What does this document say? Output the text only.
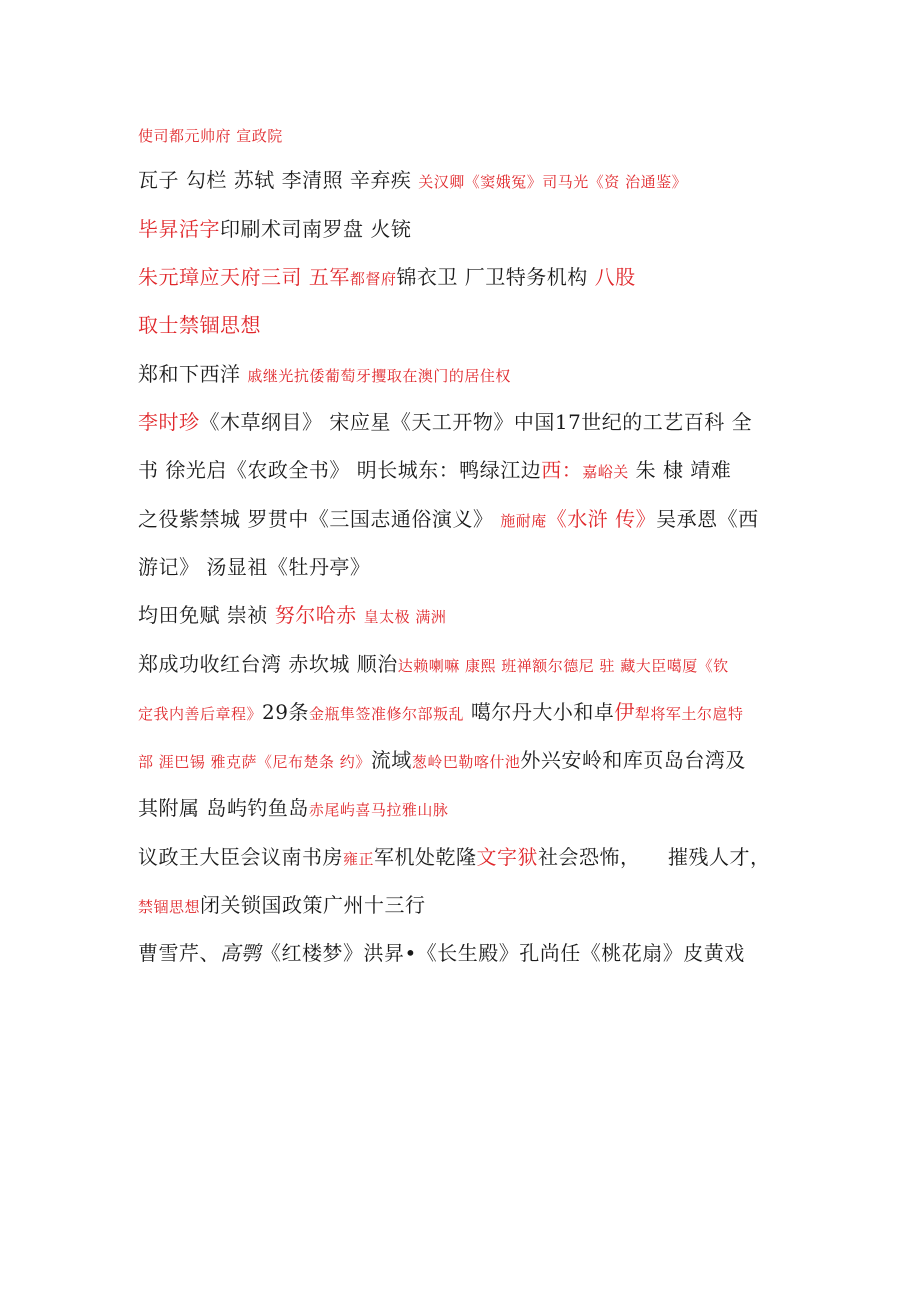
使司都元帅府 宣政院
瓦子 勾栏 苏轼 李清照 辛弃疾 关汉卿《窦娥冤》司马光《资 治通鉴》
毕昇活字印刷术司南罗盘 火铳
朱元璋应天府三司 五军都督府锦衣卫 厂卫特务机构 八股
取士禁锢思想
郑和下西洋 戚继光抗倭葡萄牙攫取在澳门的居住权
李时珍《木草纲目》 宋应星《天工开物》中国17世纪的工艺百科 全
书 徐光启《农政全书》 明长城东：鸭绿江边西：嘉峪关 朱 棣 靖难
之役紫禁城 罗贯中《三国志通俗演义》 施耐庵《水浒 传》吴承恩《西
游记》 汤显祖《牡丹亭》
均田免赋 崇祯 努尔哈赤 皇太极 满洲
郑成功收红台湾 赤坎城 顺治达赖喇嘛 康熙 班禅额尔德尼 驻 藏大臣噶厦《钦
定我内善后章程》29条金瓶隼签准修尔部叛乱 噶尔丹大小和卓伊犁将军土尔扈特
部 涯巴锡 雅克萨《尼布楚条 约》流域葱岭巴勒喀什池外兴安岭和库页岛台湾及
其附属 岛屿钓鱼岛赤尾屿喜马拉雅山脉
议政王大臣会议南书房雍正军机处乾隆文字狱社会恐怖，    摧残人才，
禁锢思想闭关锁国政策广州十三行
曹雪芹、高鹗《红楼梦》洪昇•《长生殿》孔尚任《桃花扇》皮黄戏
